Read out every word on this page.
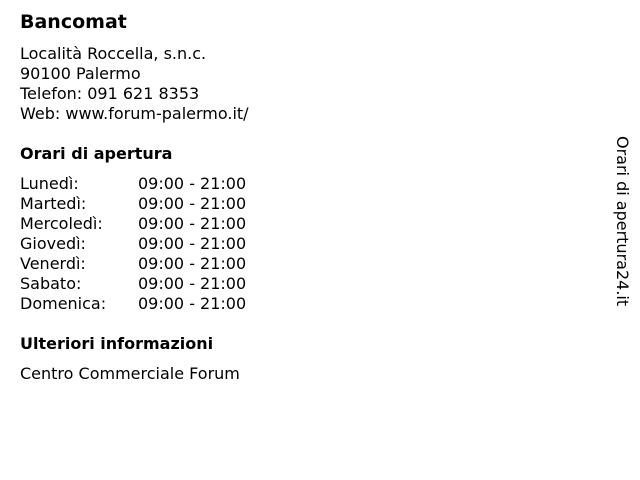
Bancomat
Località Roccella, s.n.c.
90100 Palermo
Telefon: 091 621 8353
Web: www.forum-palermo.it/
Orari di apertura
Lunedì:	09:00 - 21:00
Martedì:	09:00 - 21:00
Mercoledì: 09:00 - 21:00
Giovedì:	09:00 - 21:00
Venerdì:	09:00 - 21:00
Sabato:	09:00 - 21:00
Domenica: 09:00 - 21:00
Ulteriori informazioni
Centro Commerciale Forum
Orari di apertura24.it
